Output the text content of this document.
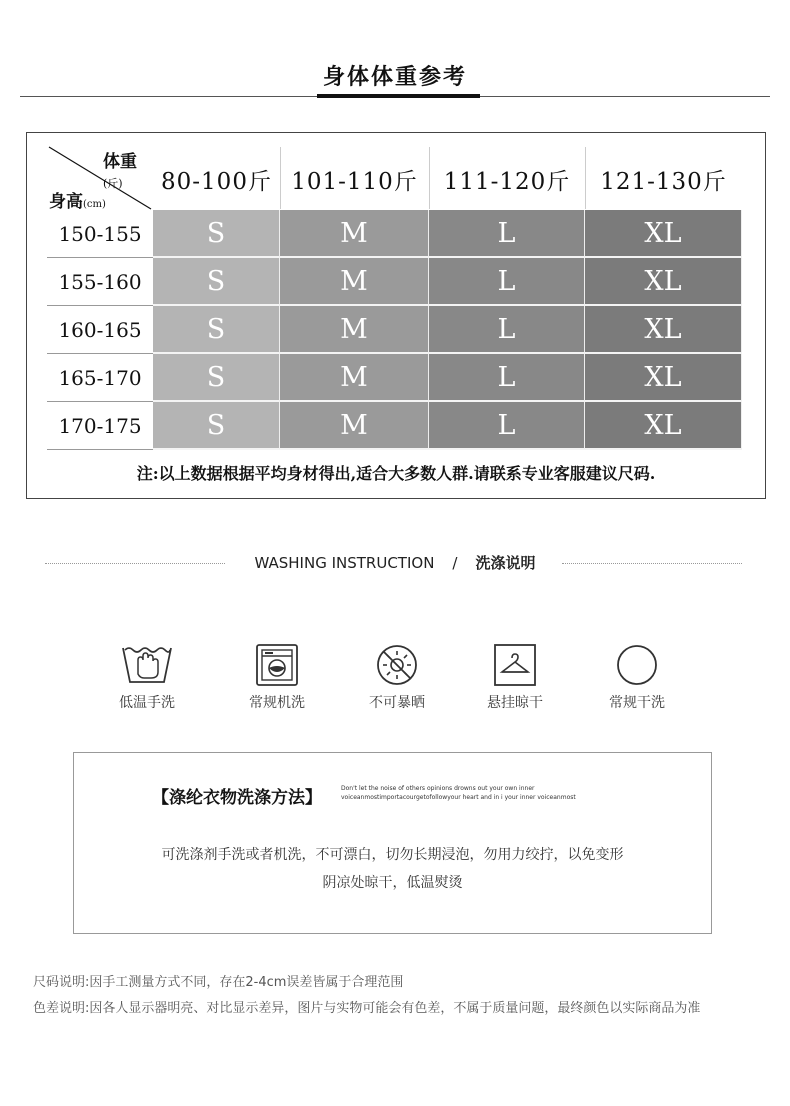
身体体重参考
体重(斤)
身高(cm)
80-100斤 101-110斤	111-120斤	121-130斤
150-155	S	M	L	XL
155-160	S	M	L	XL
160-165	S	M	L	XL
165-170	S	M	L	XL
170-175	S	M	L	XL
注:以上数据根据平均身材得出,适合大多数人群.请联系专业客服建议尺码.
WASHING INSTRUCTION / 洗涤说明
低温手洗	常规机洗	不可暴晒	悬挂晾干	常规干洗
【涤纶衣物洗涤方法】	Don't let the noise of others opinions drowns out your own inner
voiceanmostimportacourgetofollowyour heart and in i your inner voiceanmost
可洗涤剂手洗或者机洗，不可漂白，切勿长期浸泡，勿用力绞拧，以免变形
阴凉处晾干，低温熨烫
尺码说明:因手工测量方式不同，存在2-4cm误差皆属于合理范围
色差说明:因各人显示器明亮、对比显示差异，图片与实物可能会有色差，不属于质量问题，最终颜色以实际商品为准
